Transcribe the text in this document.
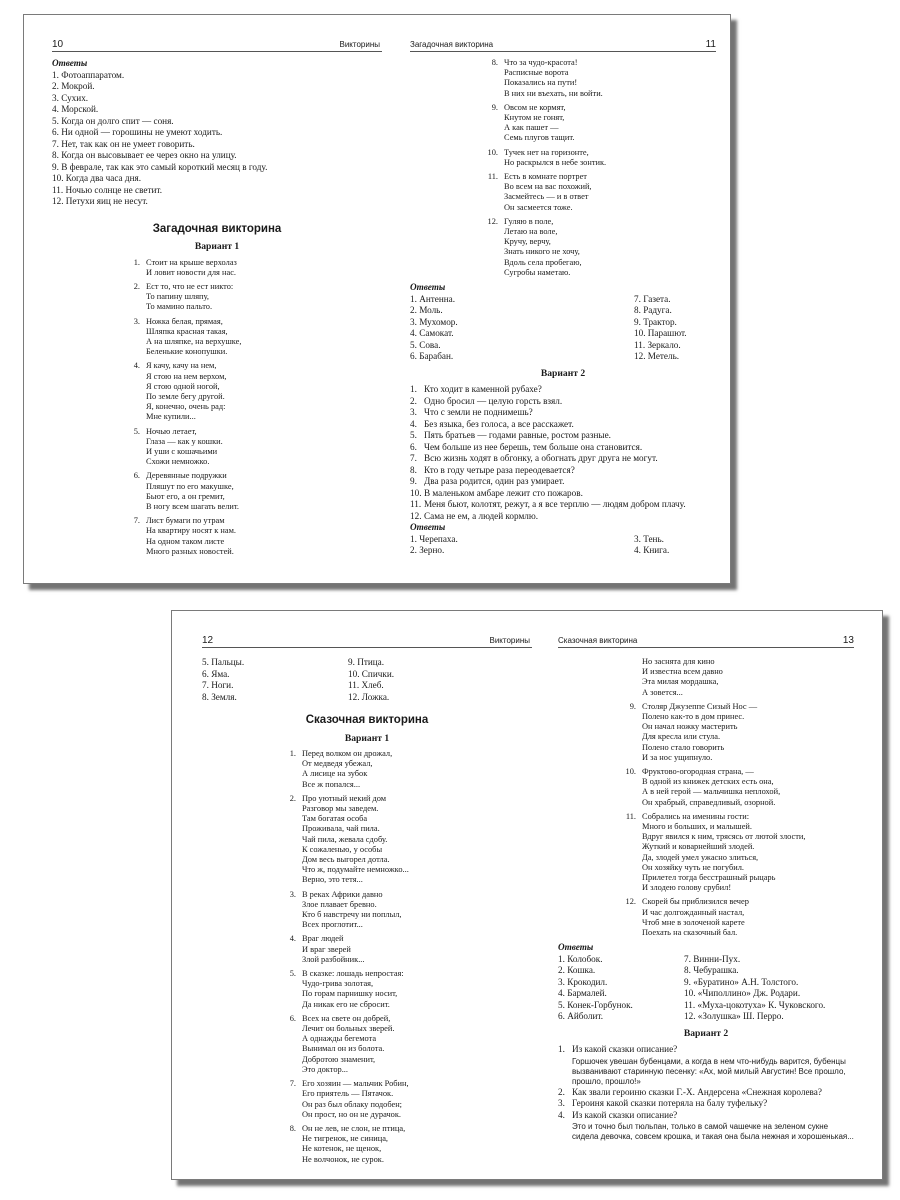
10	Викторины
Ответы
1. Фотоаппаратом.
2. Мокрой.
3. Сухих.
4. Морской.
5. Когда он долго спит — соня.
6. Ни одной — горошины не умеют ходить.
7. Нет, так как он не умеет говорить.
8. Когда он высовывает ее через окно на улицу.
9. В феврале, так как это самый короткий месяц в году.
10. Когда два часа дня.
11. Ночью солнце не светит.
12. Петухи яиц не несут.
Загадочная викторина
Вариант 1
1. Стоит на крыше верхолаз
И ловит новости для нас.
2. Ест то, что не ест никто:
То папину шляпу,
То мамино пальто.
3. Ножка белая, прямая,
Шляпка красная такая,
А на шляпке, на верхушке,
Беленькие конопушки.
4. Я качу, качу на нем,
Я стою на нем верхом,
Я стою одной ногой,
По земле бегу другой.
Я, конечно, очень рад:
Мне купили...
5. Ночью летает,
Глаза — как у кошки.
И уши с кошачьими
Схожи немножко.
6. Деревянные подружки
Пляшут по его макушке,
Бьют его, а он гремит,
В ногу всем шагать велит.
7. Лист бумаги по утрам
На квартиру носят к нам.
На одном таком листе
Много разных новостей.
11
Загадочная викторина
8. Что за чудо-красота!
Расписные ворота
Показались на пути!
В них ни въехать, ни войти.
9. Овсом не кормят,
Кнутом не гонят,
А как пашет —
Семь плугов тащит.
10. Тучек нет на горизонте,
Но раскрылся в небе зонтик.
11. Есть в комнате портрет
Во всем на вас похожий,
Засмейтесь — и в ответ
Он засмеется тоже.
12. Гуляю в поле,
Летаю на воле,
Кручу, верчу,
Знать никого не хочу,
Вдоль села пробегаю,
Сугробы наметаю.
Ответы
1. Антенна.
2. Моль.
3. Мухомор.
4. Самокат.
5. Сова.
6. Барабан.
7. Газета.
8. Радуга.
9. Трактор.
10. Парашют.
11. Зеркало.
12. Метель.
Вариант 2
1. Кто ходит в каменной рубахе?
2. Одно бросил — целую горсть взял.
3. Что с земли не поднимешь?
4. Без языка, без голоса, а все расскажет.
5. Пять братьев — годами равные, ростом разные.
6. Чем больше из нее берешь, тем больше она становится.
7. Всю жизнь ходят в обгонку, а обогнать друг друга не могут.
8. Кто в году четыре раза переодевается?
9. Два раза родится, один раз умирает.
10. В маленьком амбаре лежит сто пожаров.
11. Меня бьют, колотят, режут, а я все терплю — людям добром плачу.
12. Сама не ем, а людей кормлю.
Ответы
1. Черепаха.
2. Зерно.
3. Тень.
4. Книга.
12	Викторины
5. Пальцы.
6. Яма.
7. Ноги.
8. Земля.
9. Птица.
10. Спички.
11. Хлеб.
12. Ложка.
Сказочная викторина
Вариант 1
1. Перед волком он дрожал,
От медведя убежал,
А лисице на зубок
Все ж попался...
2. Про уютный некий дом
Разговор мы заведем.
Там богатая особа
Проживала, чай пила.
Чай пила, жевала сдобу.
К сожаленью, у особы
Дом весь выгорел дотла.
Что ж, подумайте немножко...
Верно, это тетя...
3. В реках Африки давно
Злое плавает бревно.
Кто б навстречу ни поплыл,
Всех проглотит...
4. Враг людей
И враг зверей
Злой разбойник...
5. В сказке: лошадь непростая:
Чудо-грива золотая,
По горам парнишку носит,
Да никак его не сбросит.
6. Всех на свете он добрей,
Лечит он больных зверей.
А однажды бегемота
Вынимал он из болота.
Добротою знаменит,
Это доктор...
7. Его хозяин — мальчик Робин,
Его приятель — Пятачок.
Он раз был облаку подобен;
Он прост, но он не дурачок.
8. Он не лев, не слон, не птица,
Не тигренок, не синица,
Не котенок, не щенок,
Не волчонок, не сурок.
13
Сказочная викторина
Но заснята для кино
И известна всем давно
Эта милая мордашка,
А зовется...
9. Столяр Джузеппе Сизый Нос —
Полено как-то в дом принес.
Он начал ножку мастерить
Для кресла или стула.
Полено стало говорить
И за нос ущипнуло.
10. Фруктово-огородная страна, —
В одной из книжек детских есть она,
А в ней герой — мальчишка неплохой,
Он храбрый, справедливый, озорной.
11. Собрались на именины гости:
Много и больших, и малышей.
Вдруг явился к ним, трясясь от лютой злости,
Жуткий и коварнейший злодей.
Да, злодей умел ужасно злиться,
Он хозяйку чуть не погубил.
Прилетел тогда бесстрашный рыцарь
И злодею голову срубил!
12. Скорей бы приблизился вечер
И час долгожданный настал,
Чтоб мне в золоченой карете
Поехать на сказочный бал.
Ответы
1. Колобок.
2. Кошка.
3. Крокодил.
4. Бармалей.
5. Конек-Горбунок.
6. Айболит.
7. Винни-Пух.
8. Чебурашка.
9. «Буратино» А.Н. Толстого.
10. «Чиполлино» Дж. Родари.
11. «Муха-цокотуха» К. Чуковского.
12. «Золушка» Ш. Перро.
Вариант 2
1. Из какой сказки описание?
Горшочек увешан бубенцами, а когда в нем что-нибудь варится, бубенцы вызванивают старинную песенку: «Ах, мой милый Августин! Все прошло, прошло, прошло!»
2. Как звали героиню сказки Г.-Х. Андерсена «Снежная королева?
3. Героиня какой сказки потеряла на балу туфельку?
4. Из какой сказки описание?
Это и точно был тюльпан, только в самой чашечке на зеленом сукне сидела девочка, совсем крошка, и такая она была нежная и хорошенькая...
